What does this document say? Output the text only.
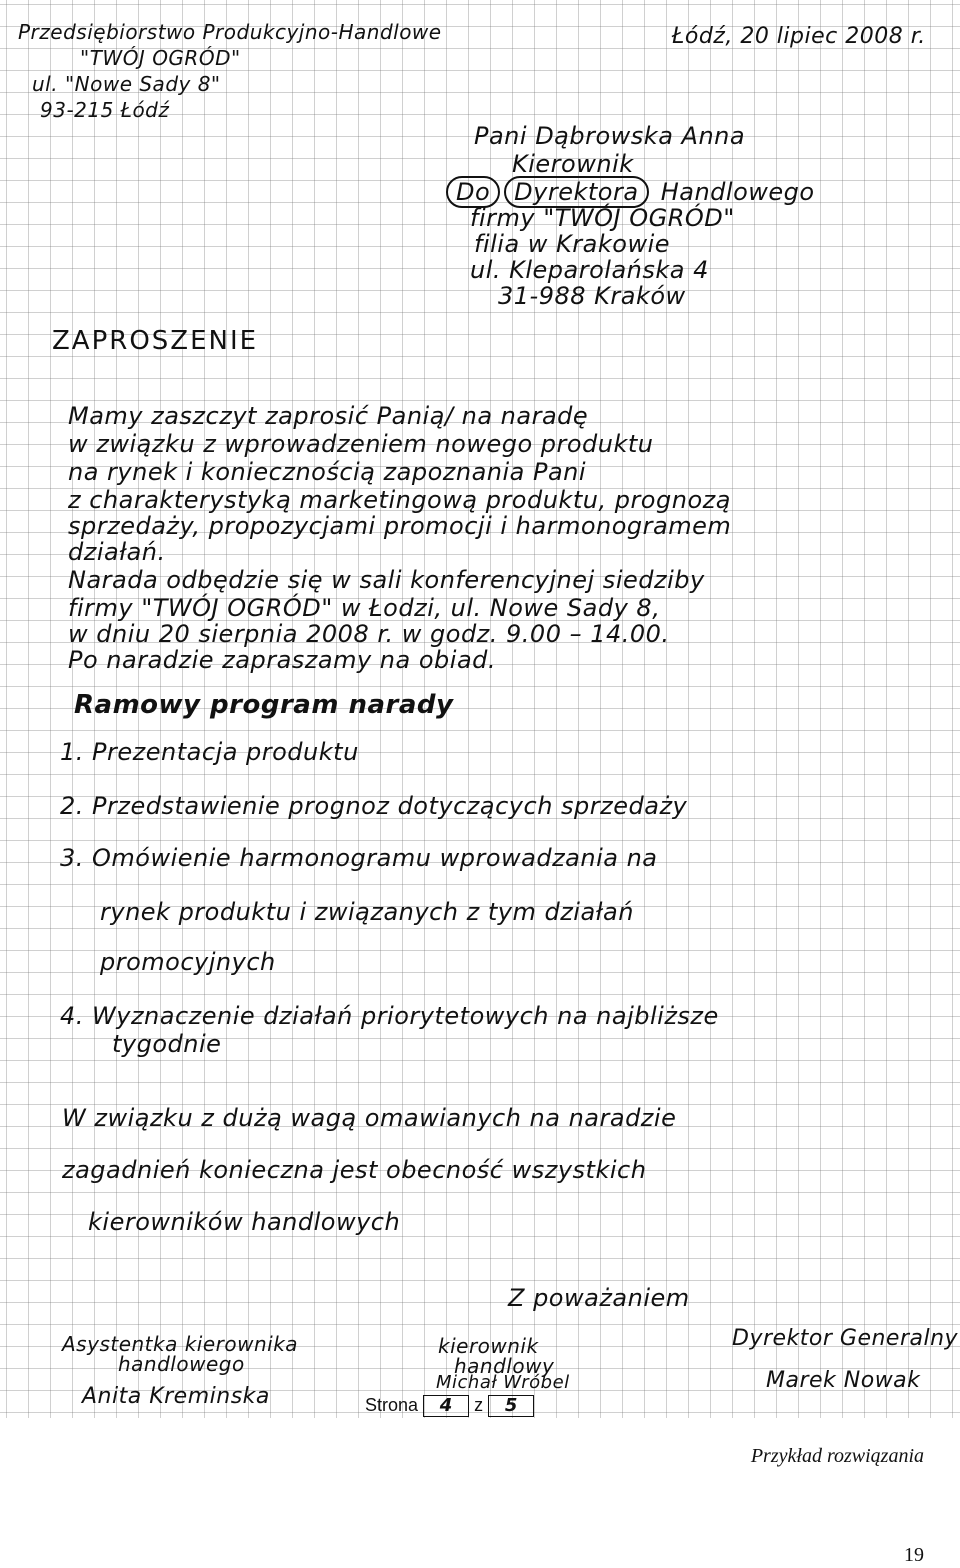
Przedsiębiorstwo Produkcyjno-Handlowe
"TWÓJ OGRÓD"
ul. "Nowe Sady 8"
93-215 Łódź
Łódź, 20 lipiec 2008 r.
Pani Dąbrowska Anna
Kierownik
Do Dyrektora Handlowego
firmy "TWÓJ OGRÓD"
filia w Krakowie
ul. Kleparolańska 4
31-988 Kraków
ZAPROSZENIE
Mamy zaszczyt zaprosić Panią/ na naradę
w związku z wprowadzeniem nowego produktu
na rynek i koniecznością zapoznania Pani
z charakterystyką marketingową produktu, prognozą
sprzedaży, propozycjami promocji i harmonogramem
działań.
Narada odbędzie się w sali konferencyjnej siedziby
firmy "TWÓJ OGRÓD" w Łodzi, ul. Nowe Sady 8,
w dniu 20 sierpnia 2008 r. w godz. 9.00 – 14.00.
Po naradzie zapraszamy na obiad.
Ramowy program narady
1. Prezentacja produktu
2. Przedstawienie prognoz dotyczących sprzedaży
3. Omówienie harmonogramu wprowadzania na
rynek produktu i związanych z tym działań
promocyjnych
4. Wyznaczenie działań priorytetowych na najbliższe
tygodnie
W związku z dużą wagą omawianych na naradzie
zagadnień konieczna jest obecność wszystkich
kierowników handlowych
Z poważaniem
Asystentka kierownika
handlowego
Anita Kreminska
kierownik
handlowy
Michał Wróbel
Dyrektor Generalny
Marek Nowak
Strona 4 z 5
Przykład rozwiązania
19
